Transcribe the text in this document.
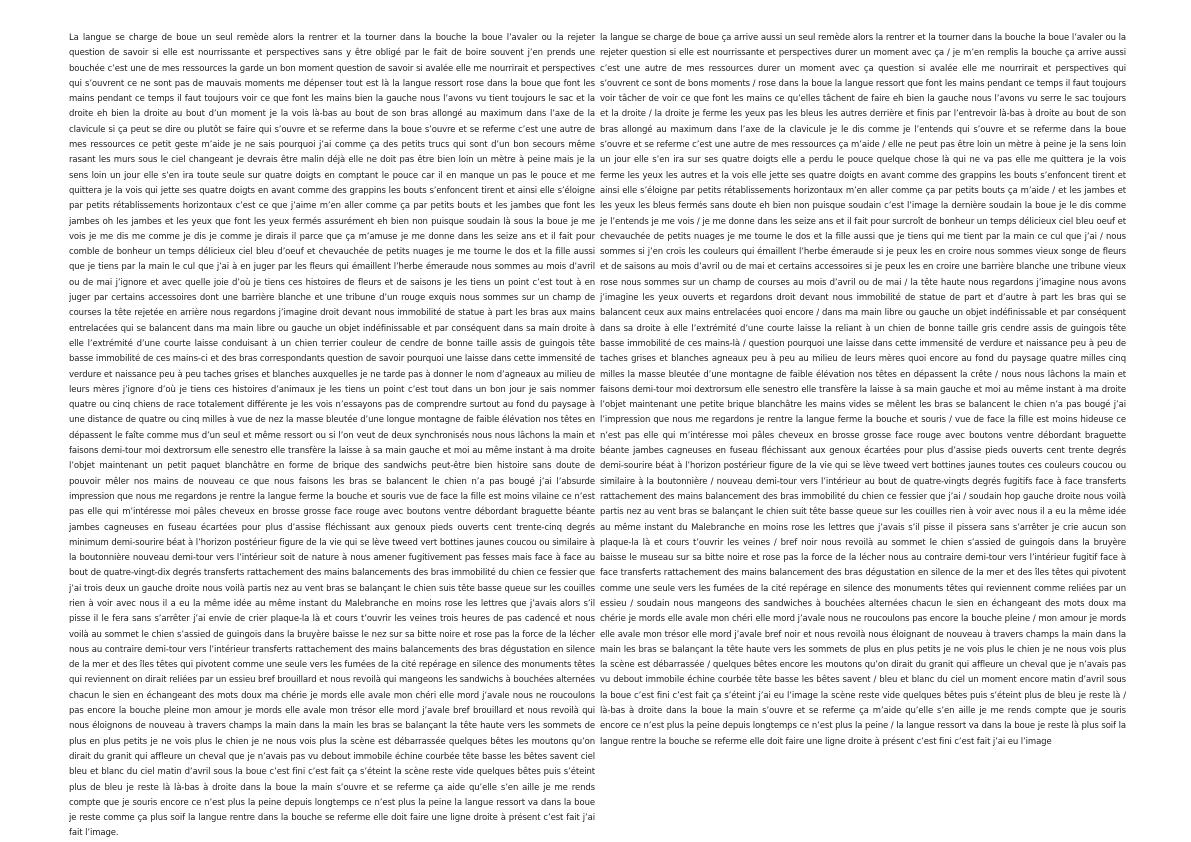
La langue se charge de boue un seul remède alors la rentrer et la tourner dans la bouche la boue l’avaler ou la rejeter question de savoir si elle est nourrissante et perspectives sans y être obligé par le fait de boire souvent j’en prends une bouchée c’est une de mes ressources la garde un bon moment question de savoir si avalée elle me nourrirait et perspectives qui s’ouvrent ce ne sont pas de mauvais moments me dépenser tout est là la langue ressort rose dans la boue que font les mains pendant ce temps il faut toujours voir ce que font les mains bien la gauche nous l’avons vu tient toujours le sac et la droite eh bien la droite au bout d’un moment je la vois là-bas au bout de son bras allongé au maximum dans l’axe de la clavicule si ça peut se dire ou plutôt se faire qui s’ouvre et se referme dans la boue s’ouvre et se referme c’est une autre de mes ressources ce petit geste m’aide je ne sais pourquoi j’ai comme ça des petits trucs qui sont d’un bon secours même rasant les murs sous le ciel changeant je devrais être malin déjà elle ne doit pas être bien loin un mètre à peine mais je la sens loin un jour elle s’en ira toute seule sur quatre doigts en comptant le pouce car il en manque un pas le pouce et me quittera je la vois qui jette ses quatre doigts en avant comme des grappins les bouts s’enfoncent tirent et ainsi elle s’éloigne par petits rétablissements horizontaux c’est ce que j’aime m’en aller comme ça par petits bouts et les jambes que font les jambes oh les jambes et les yeux que font les yeux fermés assurément eh bien non puisque soudain là sous la boue je me vois je me dis me comme je dis je comme je dirais il parce que ça m’amuse je me donne dans les seize ans et il fait pour comble de bonheur un temps délicieux ciel bleu d’oeuf et chevauchée de petits nuages je me tourne le dos et la fille aussi que je tiens par la main le cul que j’ai à en juger par les fleurs qui émaillent l’herbe émeraude nous sommes au mois d’avril ou de mai j’ignore et avec quelle joie d’où je tiens ces histoires de fleurs et de saisons je les tiens un point c’est tout à en juger par certains accessoires dont une barrière blanche et une tribune d’un rouge exquis nous sommes sur un champ de courses la tête rejetée en arrière nous regardons j’imagine droit devant nous immobilité de statue à part les bras aux mains entrelacées qui se balancent dans ma main libre ou gauche un objet indéfinissable et par conséquent dans sa main droite à elle l’extrémité d’une courte laisse conduisant à un chien terrier couleur de cendre de bonne taille assis de guingois tête basse immobilité de ces mains-ci et des bras correspondants question de savoir pourquoi une laisse dans cette immensité de verdure et naissance peu à peu taches grises et blanches auxquelles je ne tarde pas à donner le nom d’agneaux au milieu de leurs mères j’ignore d’où je tiens ces histoires d’animaux je les tiens un point c’est tout dans un bon jour je sais nommer quatre ou cinq chiens de race totalement différente je les vois n’essayons pas de comprendre surtout au fond du paysage à une distance de quatre ou cinq milles à vue de nez la masse bleutée d’une longue montagne de faible élévation nos têtes en dépassent le faîte comme mus d’un seul et même ressort ou si l’on veut de deux synchronisés nous nous lâchons la main et faisons demi-tour moi dextrorsum elle senestro elle transfère la laisse à sa main gauche et moi au même instant à ma droite l’objet maintenant un petit paquet blanchâtre en forme de brique des sandwichs peut-être bien histoire sans doute de pouvoir mêler nos mains de nouveau ce que nous faisons les bras se balancent le chien n’a pas bougé j’ai l’absurde impression que nous me regardons je rentre la langue ferme la bouche et souris vue de face la fille est moins vilaine ce n’est pas elle qui m’intéresse moi pâles cheveux en brosse grosse face rouge avec boutons ventre débordant braguette béante jambes cagneuses en fuseau écartées pour plus d’assise fléchissant aux genoux pieds ouverts cent trente-cinq degrés minimum demi-sourire béat à l’horizon postérieur figure de la vie qui se lève tweed vert bottines jaunes coucou ou similaire à la boutonnière nouveau demi-tour vers l’intérieur soit de nature à nous amener fugitivement pas fesses mais face à face au bout de quatre-vingt-dix degrés transferts rattachement des mains balancements des bras immobilité du chien ce fessier que j’ai trois deux un gauche droite nous voilà partis nez au vent bras se balançant le chien suis tête basse queue sur les couilles rien à voir avec nous il a eu la même idée au même instant du Malebranche en moins rose les lettres que j’avais alors s’il pisse il le fera sans s’arrêter j’ai envie de crier plaque-la là et cours t’ouvrir les veines trois heures de pas cadencé et nous voilà au sommet le chien s’assied de guingois dans la bruyère baisse le nez sur sa bitte noire et rose pas la force de la lécher nous au contraire demi-tour vers l’intérieur transferts rattachement des mains balancements des bras dégustation en silence de la mer et des îles têtes qui pivotent comme une seule vers les fumées de la cité repérage en silence des monuments têtes qui reviennent on dirait reliées par un essieu bref brouillard et nous revoilà qui mangeons les sandwichs à bouchées alternées chacun le sien en échangeant des mots doux ma chérie je mords elle avale mon chéri elle mord j’avale nous ne roucoulons pas encore la bouche pleine mon amour je mords elle avale mon trésor elle mord j’avale bref brouillard et nous revoilà qui nous éloignons de nouveau à travers champs la main dans la main les bras se balançant la tête haute vers les sommets de plus en plus petits je ne vois plus le chien je ne nous vois plus la scène est débarrassée quelques bêtes les moutons qu’on dirait du granit qui affleure un cheval que je n’avais pas vu debout immobile échine courbée tête basse les bêtes savent ciel bleu et blanc du ciel matin d’avril sous la boue c’est fini c’est fait ça s’éteint la scène reste vide quelques bêtes puis s’éteint plus de bleu je reste là là-bas à droite dans la boue la main s’ouvre et se referme ça aide qu’elle s’en aille je me rends compte que je souris encore ce n’est plus la peine depuis longtemps ce n’est plus la peine la langue ressort va dans la boue je reste comme ça plus soif la langue rentre dans la bouche se referme elle doit faire une ligne droite à présent c’est fait j’ai fait l’image.

la langue se charge de boue ça arrive aussi un seul remède alors la rentrer et la tourner dans la bouche la boue l’avaler ou la rejeter question si elle est nourrissante et perspectives durer un moment avec ça / je m’en remplis la bouche ça arrive aussi c’est une autre de mes ressources durer un moment avec ça question si avalée elle me nourrirait et perspectives qui s’ouvrent ce sont de bons moments / rose dans la boue la langue ressort que font les mains pendant ce temps il faut toujours voir tâcher de voir ce que font les mains ce qu’elles tâchent de faire eh bien la gauche nous l’avons vu serre le sac toujours et la droite / la droite je ferme les yeux pas les bleus les autres derrière et finis par l’entrevoir là-bas à droite au bout de son bras allongé au maximum dans l’axe de la clavicule je le dis comme je l’entends qui s’ouvre et se referme dans la boue s’ouvre et se referme c’est une autre de mes ressources ça m’aide / elle ne peut pas être loin un mètre à peine je la sens loin un jour elle s’en ira sur ses quatre doigts elle a perdu le pouce quelque chose là qui ne va pas elle me quittera je la vois ferme les yeux les autres et la vois elle jette ses quatre doigts en avant comme des grappins les bouts s’enfoncent tirent et ainsi elle s’éloigne par petits rétablissements horizontaux m’en aller comme ça par petits bouts ça m’aide / et les jambes et les yeux les bleus fermés sans doute eh bien non puisque soudain c’est l’image la dernière soudain la boue je le dis comme je l’entends je me vois / je me donne dans les seize ans et il fait pour surcroît de bonheur un temps délicieux ciel bleu oeuf et chevauchée de petits nuages je me tourne le dos et la fille aussi que je tiens qui me tient par la main ce cul que j’ai / nous sommes si j’en crois les couleurs qui émaillent l’herbe émeraude si je peux les en croire nous sommes vieux songe de fleurs et de saisons au mois d’avril ou de mai et certains accessoires si je peux les en croire une barrière blanche une tribune vieux rose nous sommes sur un champ de courses au mois d’avril ou de mai / la tête haute nous regardons j’imagine nous avons j’imagine les yeux ouverts et regardons droit devant nous immobilité de statue de part et d’autre à part les bras qui se balancent ceux aux mains entrelacées quoi encore / dans ma main libre ou gauche un objet indéfinissable et par conséquent dans sa droite à elle l’extrémité d’une courte laisse la reliant à un chien de bonne taille gris cendre assis de guingois tête basse immobilité de ces mains-là / question pourquoi une laisse dans cette immensité de verdure et naissance peu à peu de taches grises et blanches agneaux peu à peu au milieu de leurs mères quoi encore au fond du paysage quatre milles cinq milles la masse bleutée d’une montagne de faible élévation nos têtes en dépassent la crête / nous nous lâchons la main et faisons demi-tour moi dextrorsum elle senestro elle transfère la laisse à sa main gauche et moi au même instant à ma droite l’objet maintenant une petite brique blanchâtre les mains vides se mêlent les bras se balancent le chien n’a pas bougé j’ai l’impression que nous me regardons je rentre la langue ferme la bouche et souris / vue de face la fille est moins hideuse ce n’est pas elle qui m’intéresse moi pâles cheveux en brosse grosse face rouge avec boutons ventre débordant braguette béante jambes cagneuses en fuseau fléchissant aux genoux écartées pour plus d’assise pieds ouverts cent trente degrés demi-sourire béat à l’horizon postérieur figure de la vie qui se lève tweed vert bottines jaunes toutes ces couleurs coucou ou similaire à la boutonnière / nouveau demi-tour vers l’intérieur au bout de quatre-vingts degrés fugitifs face à face transferts rattachement des mains balancement des bras immobilité du chien ce fessier que j’ai / soudain hop gauche droite nous voilà partis nez au vent bras se balançant le chien suit tête basse queue sur les couilles rien à voir avec nous il a eu la même idée au même instant du Malebranche en moins rose les lettres que j’avais s’il pisse il pissera sans s’arrêter je crie aucun son plaque-la là et cours t’ouvrir les veines / bref noir nous revoilà au sommet le chien s’assied de guingois dans la bruyère baisse le museau sur sa bitte noire et rose pas la force de la lécher nous au contraire demi-tour vers l’intérieur fugitif face à face transferts rattachement des mains balancement des bras dégustation en silence de la mer et des îles têtes qui pivotent comme une seule vers les fumées de la cité repérage en silence des monuments têtes qui reviennent comme reliées par un essieu / soudain nous mangeons des sandwiches à bouchées alternées chacun le sien en échangeant des mots doux ma chérie je mords elle avale mon chéri elle mord j’avale nous ne roucoulons pas encore la bouche pleine / mon amour je mords elle avale mon trésor elle mord j’avale bref noir et nous revoilà nous éloignant de nouveau à travers champs la main dans la main les bras se balançant la tête haute vers les sommets de plus en plus petits je ne vois plus le chien je ne nous vois plus la scène est débarrassée / quelques bêtes encore les moutons qu’on dirait du granit qui affleure un cheval que je n’avais pas vu debout immobile échine courbée tête basse les bêtes savent / bleu et blanc du ciel un moment encore matin d’avril sous la boue c’est fini c’est fait ça s’éteint j’ai eu l’image la scène reste vide quelques bêtes puis s’éteint plus de bleu je reste là / là-bas à droite dans la boue la main s’ouvre et se referme ça m’aide qu’elle s’en aille je me rends compte que je souris encore ce n’est plus la peine depuis longtemps ce n’est plus la peine / la langue ressort va dans la boue je reste là plus soif la langue rentre la bouche se referme elle doit faire une ligne droite à présent c’est fini c’est fait j’ai eu l’image
